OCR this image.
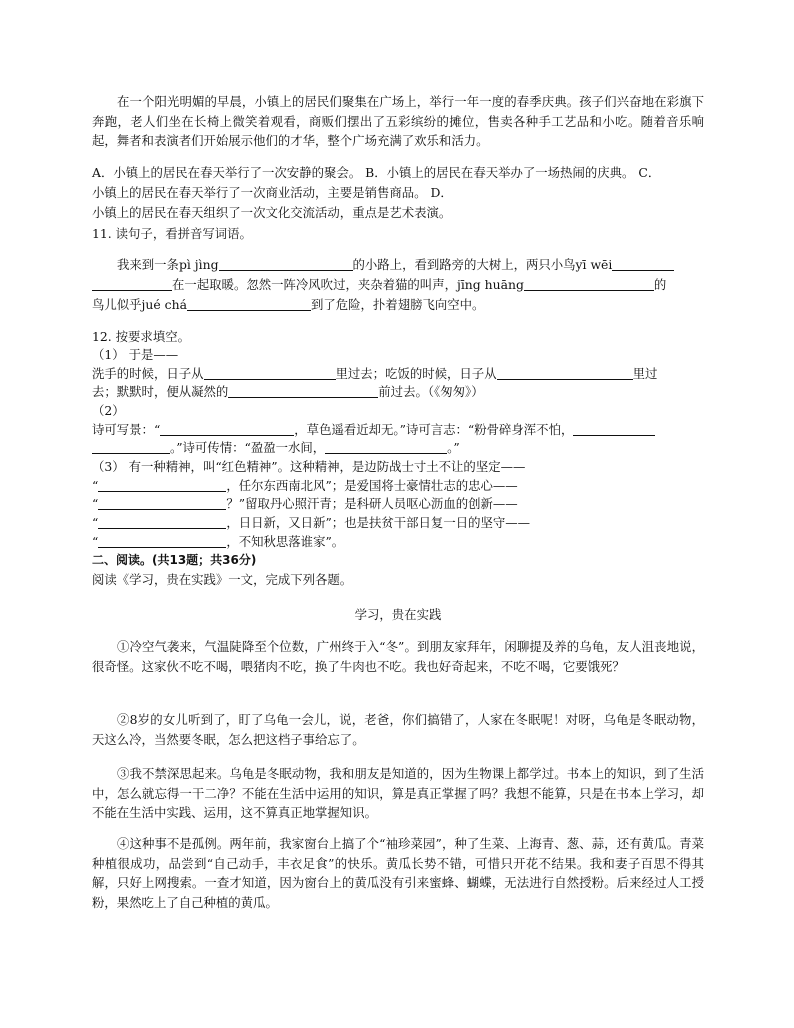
在一个阳光明媚的早晨，小镇上的居民们聚集在广场上，举行一年一度的春季庆典。孩子们兴奋地在彩旗下奔跑，老人们坐在长椅上微笑着观看，商贩们摆出了五彩缤纷的摊位，售卖各种手工艺品和小吃。随着音乐响起，舞者和表演者们开始展示他们的才华，整个广场充满了欢乐和活力。
A．小镇上的居民在春天举行了一次安静的聚会。 B．小镇上的居民在春天举办了一场热闹的庆典。 C．
小镇上的居民在春天举行了一次商业活动，主要是销售商品。 D．
小镇上的居民在春天组织了一次文化交流活动，重点是艺术表演。
11. 读句子，看拼音写词语。
我来到一条pì jìng	的小路上，看到路旁的大树上，两只小鸟yī wēi
在一起取暖。忽然一阵冷风吹过，夹杂着猫的叫声，jīng huāng	的
鸟儿似乎jué chá	到了危险，扑着翅膀飞向空中。
12. 按要求填空。
（1） 于是——
洗手的时候，日子从	里过去；吃饭的时候，日子从	里过
去；默默时，便从凝然的	前过去。（《匆匆》）
（2）
诗可写景：“	，草色遥看近却无。”诗可言志：“粉骨碎身浑不怕，
。”诗可传情：“盈盈一水间，	。”
（3） 有一种精神，叫“红色精神”。这种精神，是边防战士寸土不让的坚定——
“	，任尔东西南北风”；是爱国将士豪情壮志的忠心——
“	？”留取丹心照汗青；是科研人员呕心沥血的创新——
“	，日日新，又日新”；也是扶贫干部日复一日的坚守——
“	，不知秋思落谁家”。
二、阅读。(共13题；共36分)
阅读《学习，贵在实践》一文，完成下列各题。
学习，贵在实践
①冷空气袭来，气温陡降至个位数，广州终于入“冬”。到朋友家拜年，闲聊提及养的乌龟，友人沮丧地说，很奇怪。这家伙不吃不喝，喂猪肉不吃，换了牛肉也不吃。我也好奇起来，不吃不喝，它要饿死？
②8岁的女儿听到了，盯了乌龟一会儿，说，老爸，你们搞错了，人家在冬眠呢！对呀，乌龟是冬眠动物，天这么冷，当然要冬眠，怎么把这档子事给忘了。
③我不禁深思起来。乌龟是冬眠动物，我和朋友是知道的，因为生物课上都学过。书本上的知识，到了生活中，怎么就忘得一干二净？不能在生活中运用的知识，算是真正掌握了吗？我想不能算，只是在书本上学习，却不能在生活中实践、运用，这不算真正地掌握知识。
④这种事不是孤例。两年前，我家窗台上搞了个“袖珍菜园”，种了生菜、上海青、葱、蒜，还有黄瓜。青菜种植很成功，品尝到“自己动手，丰衣足食”的快乐。黄瓜长势不错，可惜只开花不结果。我和妻子百思不得其解，只好上网搜索。一查才知道，因为窗台上的黄瓜没有引来蜜蜂、蝴蝶，无法进行自然授粉。后来经过人工授粉，果然吃上了自己种植的黄瓜。
